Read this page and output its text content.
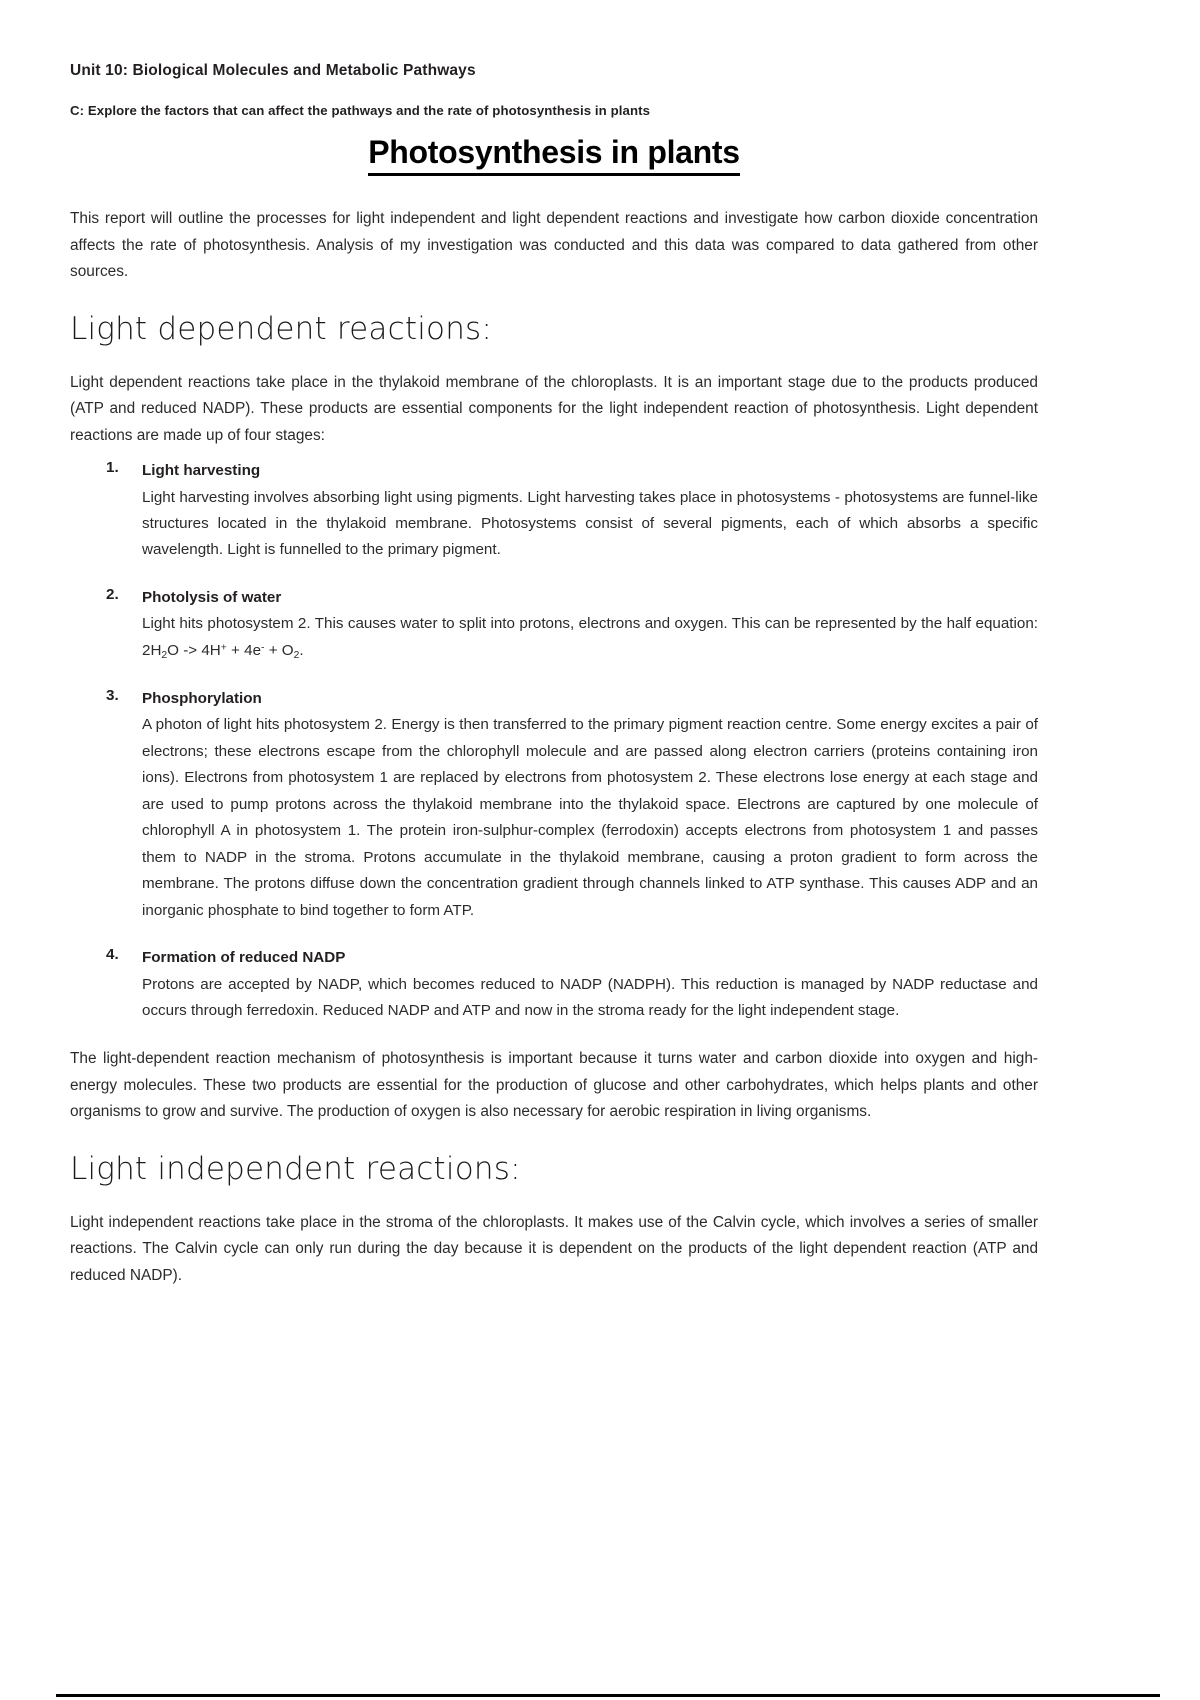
Unit 10: Biological Molecules and Metabolic Pathways
C: Explore the factors that can affect the pathways and the rate of photosynthesis in plants
Photosynthesis in plants

This report will outline the processes for light independent and light dependent reactions and investigate how carbon dioxide concentration affects the rate of photosynthesis. Analysis of my investigation was conducted and this data was compared to data gathered from other sources.

Light dependent reactions:

Light dependent reactions take place in the thylakoid membrane of the chloroplasts. It is an important stage due to the products produced (ATP and reduced NADP). These products are essential components for the light independent reaction of photosynthesis. Light dependent reactions are made up of four stages:

Light harvesting
Light harvesting involves absorbing light using pigments. Light harvesting takes place in photosystems - photosystems are funnel-like structures located in the thylakoid membrane. Photosystems consist of several pigments, each of which absorbs a specific wavelength. Light is funnelled to the primary pigment.
Photolysis of water
Light hits photosystem 2. This causes water to split into protons, electrons and oxygen. This can be represented by the half equation: $2H_2O -> 4H^+ + 4e^- + O_2$.
Phosphorylation
A photon of light hits photosystem 2. Energy is then transferred to the primary pigment reaction centre. Some energy excites a pair of electrons; these electrons escape from the chlorophyll molecule and are passed along electron carriers (proteins containing iron ions). Electrons from photosystem 1 are replaced by electrons from photosystem 2. These electrons lose energy at each stage and are used to pump protons across the thylakoid membrane into the thylakoid space. Electrons are captured by one molecule of chlorophyll A in photosystem 1. The protein iron-sulphur-complex (ferrodoxin) accepts electrons from photosystem 1 and passes them to NADP in the stroma. Protons accumulate in the thylakoid membrane, causing a proton gradient to form across the membrane. The protons diffuse down the concentration gradient through channels linked to ATP synthase. This causes ADP and an inorganic phosphate to bind together to form ATP.
Formation of reduced NADP
Protons are accepted by NADP, which becomes reduced to NADP (NADPH). This reduction is managed by NADP reductase and occurs through ferredoxin. Reduced NADP and ATP and now in the stroma ready for the light independent stage.

The light-dependent reaction mechanism of photosynthesis is important because it turns water and carbon dioxide into oxygen and high-energy molecules. These two products are essential for the production of glucose and other carbohydrates, which helps plants and other organisms to grow and survive. The production of oxygen is also necessary for aerobic respiration in living organisms.

Light independent reactions:

Light independent reactions take place in the stroma of the chloroplasts. It makes use of the Calvin cycle, which involves a series of smaller reactions. The Calvin cycle can only run during the day because it is dependent on the products of the light dependent reaction (ATP and reduced NADP).
